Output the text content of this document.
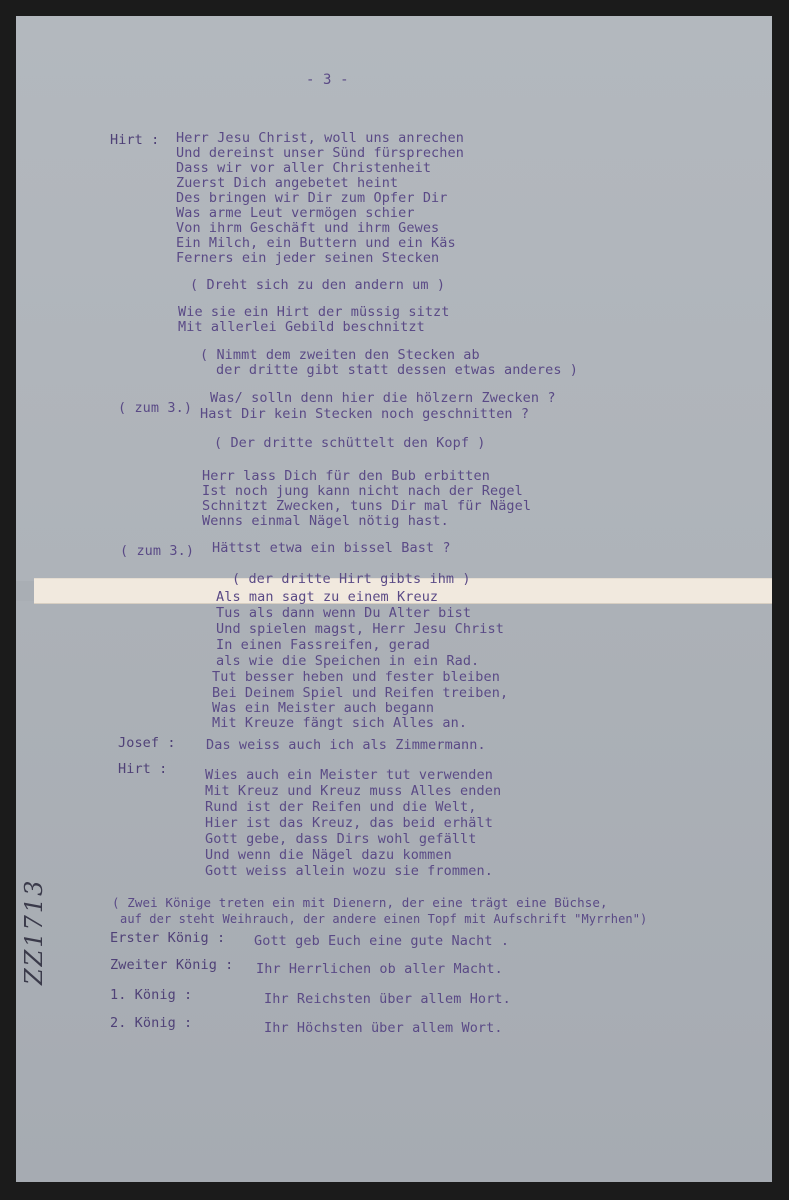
- 3 -
Hirt : Herr Jesu Christ, woll uns anrechen
Und dereinst unser Sünd fürsprechen
Dass wir vor aller Christenheit
Zuerst Dich angebetet heint
Des bringen wir Dir zum Opfer Dir
Was arme Leut vermögen schier
Von ihrm Geschäft und ihrm Gewes
Ein Milch, ein Buttern und ein Käs
Ferners ein jeder seinen Stecken
( Dreht sich zu den andern um )
Wie sie ein Hirt der müssig sitzt
Mit allerlei Gebild beschnitzt
( Nimmt dem zweiten den Stecken ab
der dritte gibt statt dessen etwas anderes )
( zum 3.)
Was/ solln denn hier die hölzern Zwecken ?
Hast Dir kein Stecken noch geschnitten ?
( Der dritte schüttelt den Kopf )
Herr lass Dich für den Bub erbitten
Ist noch jung kann nicht nach der Regel
Schnitzt Zwecken, tuns Dir mal für Nägel
Wenns einmal Nägel nötig hast.
( zum 3.) Hättst etwa ein bissel Bast ?
( der dritte Hirt gibts ihm )
Als man sagt zu einem Kreuz
Tus als dann wenn Du Alter bist
Und spielen magst, Herr Jesu Christ
In einen Fassreifen, gerad
als wie die Speichen in ein Rad.
Tut besser heben und fester bleiben
Bei Deinem Spiel und Reifen treiben,
Was ein Meister auch begann
Mit Kreuze fängt sich Alles an.
Josef : Das weiss auch ich als Zimmermann.
Hirt :	Wies auch ein Meister tut verwenden
Mit Kreuz und Kreuz muss Alles enden
Rund ist der Reifen und die Welt,
Hier ist das Kreuz, das beid erhält
Gott gebe, dass Dirs wohl gefällt
Und wenn die Nägel dazu kommen
Gott weiss allein wozu sie frommen.
( Zwei Könige treten ein mit Dienern, der eine trägt eine Büchse,
auf der steht Weihrauch, der andere einen Topf mit Aufschrift "Myrrhen")
Erster König : Gott geb Euch eine gute Nacht .
Zweiter König : Ihr Herrlichen ob aller Macht.
1. König :	Ihr Reichsten über allem Hort.
2. König :	Ihr Höchsten über allem Wort.
ZZ1713
